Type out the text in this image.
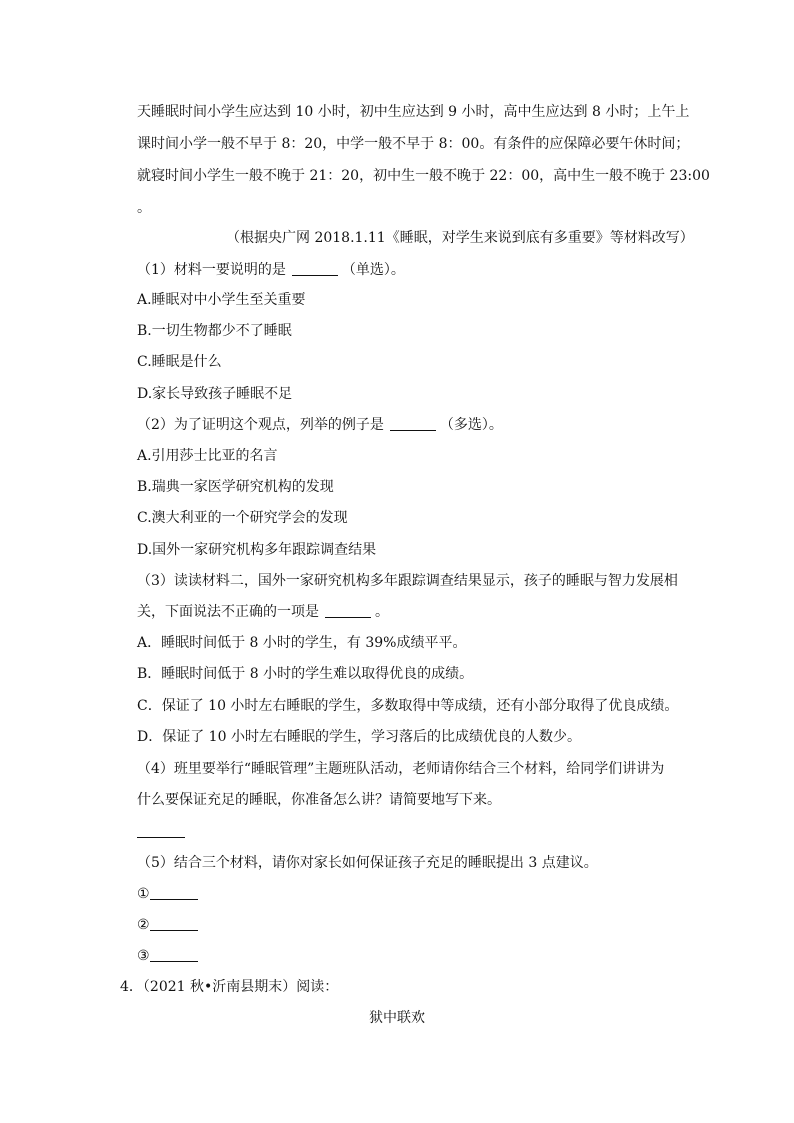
天睡眠时间小学生应达到 10 小时，初中生应达到 9 小时，高中生应达到 8 小时；上午上
课时间小学一般不早于 8：20，中学一般不早于 8：00。有条件的应保障必要午休时间；
就寝时间小学生一般不晚于 21：20，初中生一般不晚于 22：00，高中生一般不晚于 23:00
。
（根据央广网 2018.1.11《睡眠，对学生来说到底有多重要》等材料改写）
（1）材料一要说明的是	（单选）。
A.睡眠对中小学生至关重要
B.一切生物都少不了睡眠
C.睡眠是什么
D.家长导致孩子睡眠不足
（2）为了证明这个观点，列举的例子是	（多选）。
A.引用莎士比亚的名言
B.瑞典一家医学研究机构的发现
C.澳大利亚的一个研究学会的发现
D.国外一家研究机构多年跟踪调查结果
（3）读读材料二，国外一家研究机构多年跟踪调查结果显示，孩子的睡眠与智力发展相
关，下面说法不正确的一项是	。
A．睡眠时间低于 8 小时的学生，有 39%成绩平平。
B．睡眠时间低于 8 小时的学生难以取得优良的成绩。
C．保证了 10 小时左右睡眠的学生，多数取得中等成绩，还有小部分取得了优良成绩。
D．保证了 10 小时左右睡眠的学生，学习落后的比成绩优良的人数少。
（4）班里要举行“睡眠管理”主题班队活动，老师请你结合三个材料，给同学们讲讲为
什么要保证充足的睡眠，你准备怎么讲？请简要地写下来。
（5）结合三个材料，请你对家长如何保证孩子充足的睡眠提出 3 点建议。
①
②
③
4．（2021 秋•沂南县期末）阅读：
狱中联欢
